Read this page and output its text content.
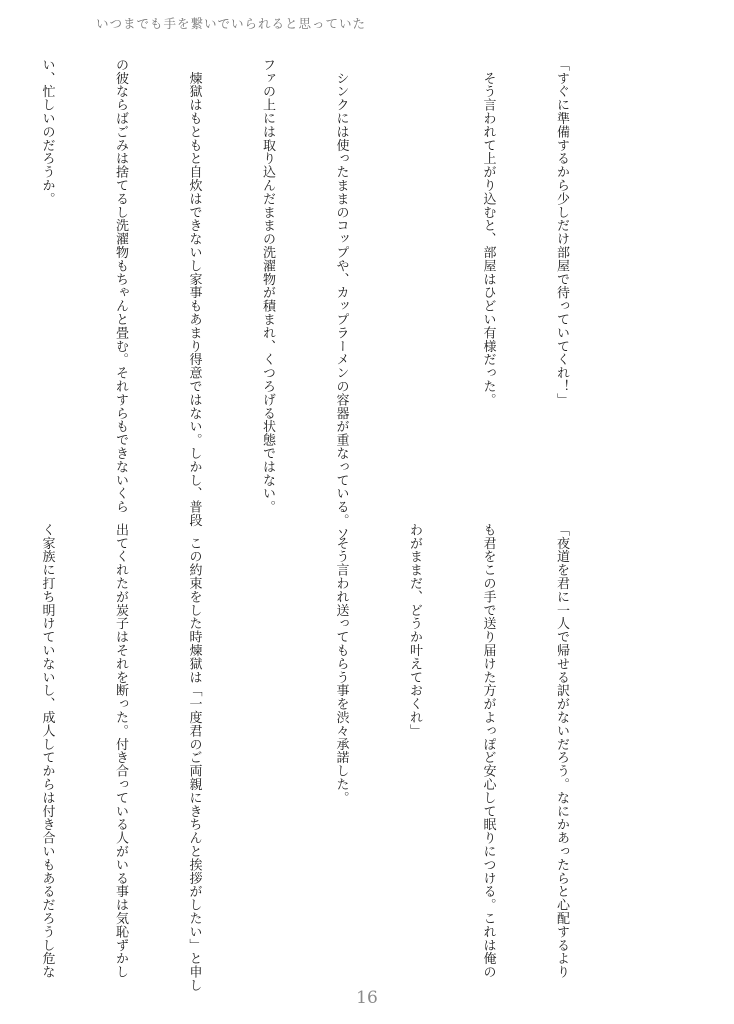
いつまでも手を繋いでいられると思っていた

「すぐに準備するから少しだけ部屋で待っていてくれ！」

　そう言われて上がり込むと、部屋はひどい有様だった。

　シンクには使ったままのコップや、カップラーメンの容器が重なっている。ソ

ファの上には取り込んだままの洗濯物が積まれ、くつろげる状態ではない。

　煉獄はもともと自炊はできないし家事もあまり得意ではない。しかし、普段

の彼ならばごみは捨てるし洗濯物もちゃんと畳む。それすらもできないくら

い、忙しいのだろうか。

「夜道を君に一人で帰せる訳がないだろう。なにかあったらと心配するより

も君をこの手で送り届けた方がよっぽど安心して眠りにつける。これは俺の

わがままだ、どうか叶えておくれ」

　そう言われ送ってもらう事を渋々承諾した。

　この約束をした時煉獄は「一度君のご両親にきちんと挨拶がしたい」と申し

出てくれたが炭子はそれを断った。付き合っている人がいる事は気恥ずかし

く家族に打ち明けていないし、成人してからは付き合いもあるだろうし危な

16
